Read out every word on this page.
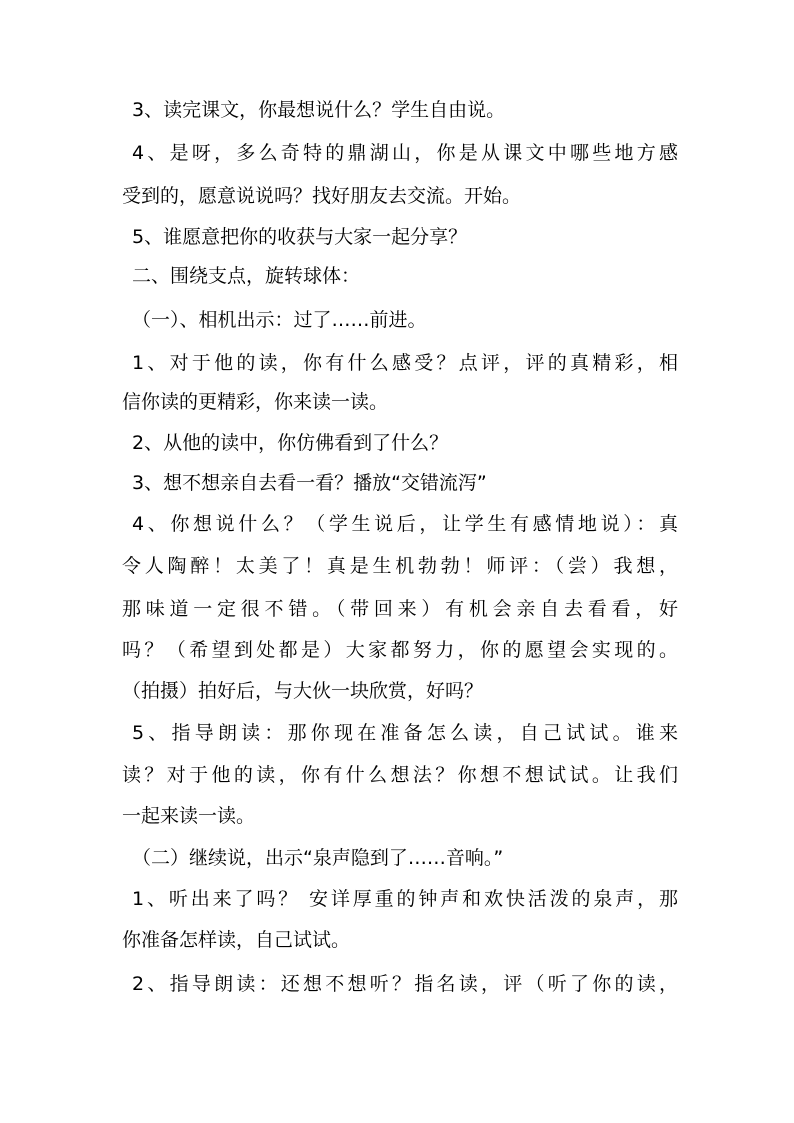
3、读完课文，你最想说什么？学生自由说。
4、是呀，多么奇特的鼎湖山，你是从课文中哪些地方感
受到的，愿意说说吗？找好朋友去交流。开始。
5、谁愿意把你的收获与大家一起分享？
二、围绕支点，旋转球体：
（一）、相机出示：过了……前进。
1、对于他的读，你有什么感受？点评，评的真精彩，相
信你读的更精彩，你来读一读。
2、从他的读中，你仿佛看到了什么？
3、想不想亲自去看一看？播放“交错流泻”
4、你想说什么？（学生说后，让学生有感情地说）：真
令人陶醉！太美了！真是生机勃勃！师评：（尝）我想，
那味道一定很不错。（带回来）有机会亲自去看看，好
吗？（希望到处都是）大家都努力，你的愿望会实现的。
（拍摄）拍好后，与大伙一块欣赏，好吗？
5、指导朗读：那你现在准备怎么读，自己试试。谁来
读？对于他的读，你有什么想法？你想不想试试。让我们
一起来读一读。
（二）继续说，出示“泉声隐到了……音响。”
1、听出来了吗？ 安详厚重的钟声和欢快活泼的泉声，那
你准备怎样读，自己试试。
2、指导朗读：还想不想听？指名读，评（听了你的读，
